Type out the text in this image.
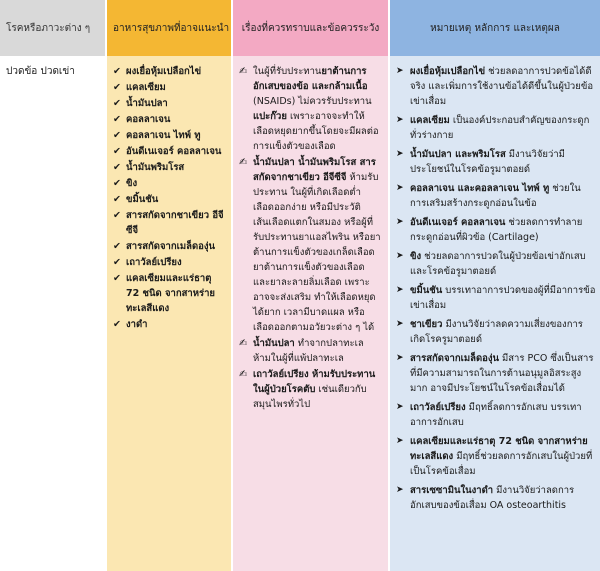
โรคหรือภาวะต่าง ๆ
ปวดข้อ ปวดเข่า
อาหารสุขภาพที่อาจแนะนำ
✔ ผงเยื่อหุ้มเปลือกไข่
✔ แคลเซียม
✔ น้ำมันปลา
✔ คอลลาเจน
✔ คอลลาเจน ไทพ์ ทู
✔ อันดีเนเจอร์ คอลลาเจน
✔ น้ำมันพริมโรส
✔ ขิง
✔ ขมิ้นชัน
✔ สารสกัดจากชาเขียว อีจีซีจี
✔ สารสกัดจากเมล็ดองุ่น
✔ เถาวัลย์เปรียง
✔ แคลเซียมและแร่ธาตุ 72 ชนิด จากสาหร่ายทะเลสีแดง
✔ งาดำ
เรื่องที่ควรทราบและข้อควรระวัง

✍ ในผู้ที่รับประทานยาต้านการอักเสบของข้อ และกล้ามเนื้อ (NSAIDs) ไม่ควรรับประทาน แปะก๊วย เพราะอาจจะทำให้เลือดหยุดยากขึ้นโดยจะมีผลต่อการแข็งตัวของเลือด

✍ น้ำมันปลา น้ำมันพริมโรส สารสกัดจากชาเขียว อีจีซีจี ห้ามรับประทาน ในผู้ที่เกิดเลือดต่ำ เลือดออกง่าย หรือมีประวัติเส้นเลือดแตกในสมอง หรือผู้ที่รับประทานยาแอสไพริน หรือยาต้านการแข็งตัวของเกล็ดเลือด ยาต้านการแข็งตัวของเลือด และยาละลายลิ่มเลือด เพราะอาจจะส่งเสริม ทำให้เลือดหยุดได้ยาก เวลามีบาดแผล หรือเลือดออกตามอวัยวะต่าง ๆ ได้

✍ น้ำมันปลา ทำจากปลาทะเล ห้ามในผู้ที่แพ้ปลาทะเล

✍ เถาวัลย์เปรียง ห้ามรับประทานในผู้ป่วยโรคตับ เช่นเดียวกับสมุนไพรทั่วไป

หมายเหตุ หลักการ และเหตุผล

➤ ผงเยื่อหุ้มเปลือกไข่ ช่วยลดอาการปวดข้อได้ดีจริง และเพิ่มการใช้งานข้อได้ดีขึ้นในผู้ป่วยข้อเข่าเสื่อม

➤ แคลเซียม เป็นองค์ประกอบสำคัญของกระดูกทั่วร่างกาย

➤ น้ำมันปลา และพริมโรส มีงานวิจัยว่ามีประโยชน์ในโรคข้อรูมาตอยด์

➤ คอลลาเจน และคอลลาเจน ไทพ์ ทู ช่วยในการเสริมสร้างกระดูกอ่อนในข้อ

➤ อันดีเนเจอร์ คอลลาเจน ช่วยลดการทำลายกระดูกอ่อนที่ผิวข้อ (Cartilage)

➤ ขิง ช่วยลดอาการปวดในผู้ป่วยข้อเข่าอักเสบและโรคข้อรูมาตอยด์

➤ ขมิ้นชัน บรรเทาอาการปวดของผู้ที่มีอาการข้อเข่าเสื่อม

➤ ชาเขียว มีงานวิจัยว่าลดความเสี่ยงของการเกิดโรครูมาตอยด์

➤ สารสกัดจากเมล็ดองุ่น มีสาร PCO ซึ่งเป็นสารที่มีความสามารถในการต้านอนุมูลอิสระสูงมาก อาจมีประโยชน์ในโรคข้อเสื่อมได้

➤ เถาวัลย์เปรียง มีฤทธิ์ลดการอักเสบ บรรเทาอาการอักเสบ

➤ แคลเซียมและแร่ธาตุ 72 ชนิด จากสาหร่ายทะเลสีแดง มีฤทธิ์ช่วยลดการอักเสบในผู้ป่วยที่เป็นโรคข้อเสื่อม

➤ สารเซซามินในงาดำ มีงานวิจัยว่าลดการอักเสบของข้อเสื่อม OA osteoarthitis
